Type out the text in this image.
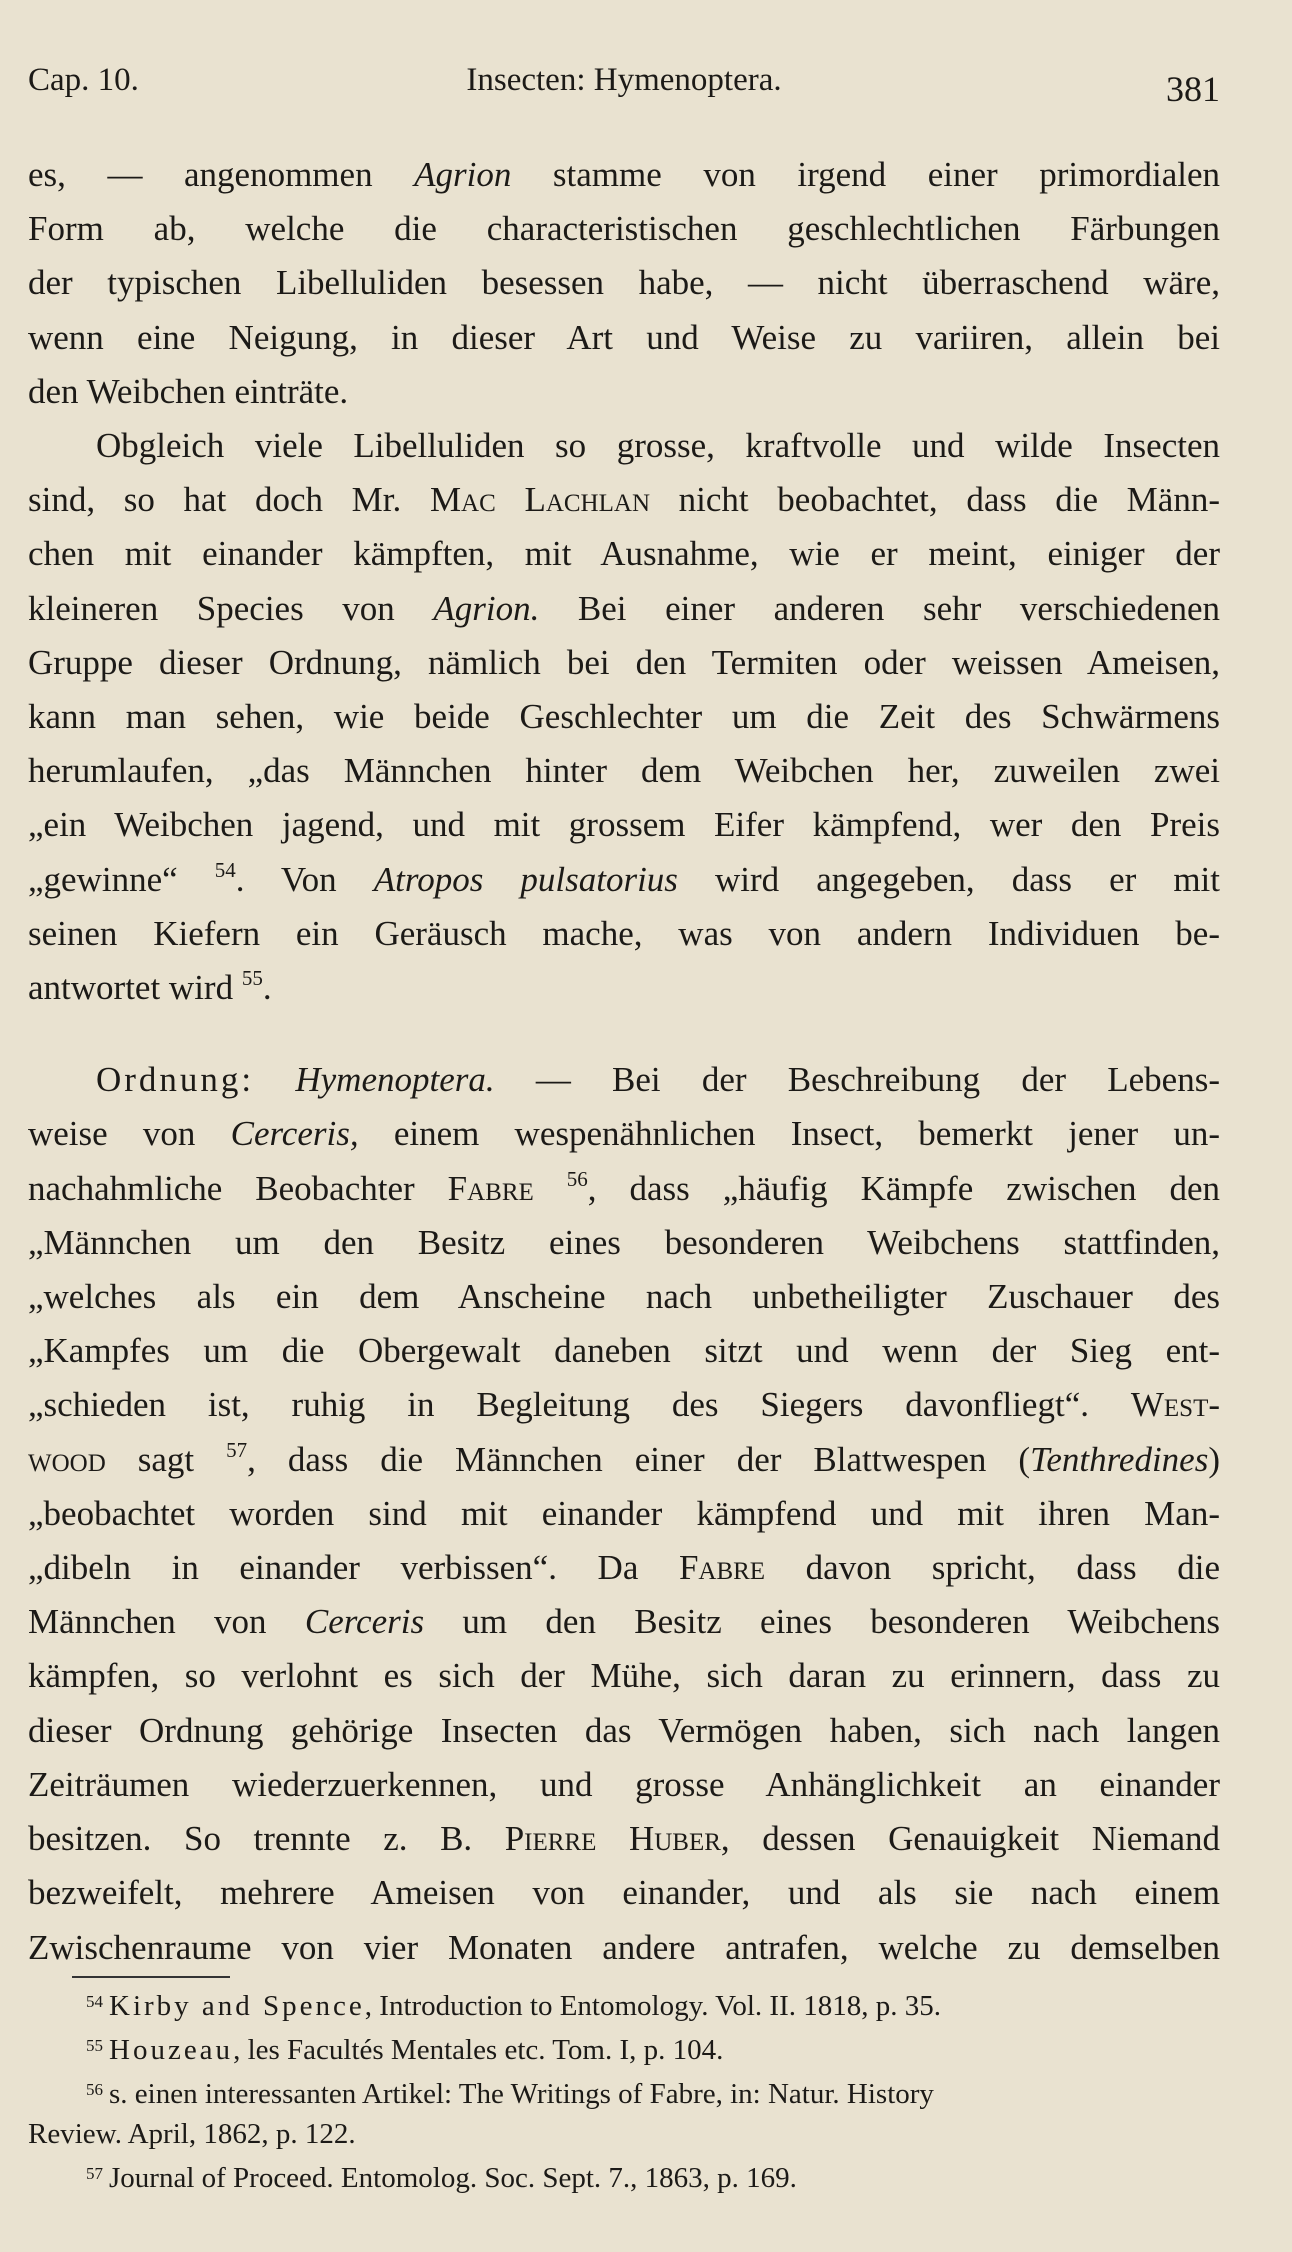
Cap. 10.	Insecten: Hymenoptera.	381
es, — angenommen Agrion stamme von irgend einer primordialen
Form ab, welche die characteristischen geschlechtlichen Färbungen
der typischen Libelluliden besessen habe, — nicht überraschend wäre,
wenn eine Neigung, in dieser Art und Weise zu variiren, allein bei
den Weibchen einträte.
Obgleich viele Libelluliden so grosse, kraftvolle und wilde Insecten
sind, so hat doch Mr. Mac Lachlan nicht beobachtet, dass die Männ-
chen mit einander kämpften, mit Ausnahme, wie er meint, einiger der
kleineren Species von Agrion. Bei einer anderen sehr verschiedenen
Gruppe dieser Ordnung, nämlich bei den Termiten oder weissen Ameisen,
kann man sehen, wie beide Geschlechter um die Zeit des Schwärmens
herumlaufen, „das Männchen hinter dem Weibchen her, zuweilen zwei
„ein Weibchen jagend, und mit grossem Eifer kämpfend, wer den Preis
„gewinne“ $^{54}$. Von Atropos pulsatorius wird angegeben, dass er mit
seinen Kiefern ein Geräusch mache, was von andern Individuen be-
antwortet wird $^{55}$.
Ordnung: Hymenoptera. — Bei der Beschreibung der Lebens-
weise von Cerceris, einem wespenähnlichen Insect, bemerkt jener un-
nachahmliche Beobachter Fabre $^{56}$, dass „häufig Kämpfe zwischen den
„Männchen um den Besitz eines besonderen Weibchens stattfinden,
„welches als ein dem Anscheine nach unbetheiligter Zuschauer des
„Kampfes um die Obergewalt daneben sitzt und wenn der Sieg ent-
„schieden ist, ruhig in Begleitung des Siegers davonfliegt“. West-
wood sagt $^{57}$, dass die Männchen einer der Blattwespen (Tenthredines)
„beobachtet worden sind mit einander kämpfend und mit ihren Man-
„dibeln in einander verbissen“. Da Fabre davon spricht, dass die
Männchen von Cerceris um den Besitz eines besonderen Weibchens
kämpfen, so verlohnt es sich der Mühe, sich daran zu erinnern, dass zu
dieser Ordnung gehörige Insecten das Vermögen haben, sich nach langen
Zeiträumen wiederzuerkennen, und grosse Anhänglichkeit an einander
besitzen. So trennte z. B. Pierre Huber, dessen Genauigkeit Niemand
bezweifelt, mehrere Ameisen von einander, und als sie nach einem
Zwischenraume von vier Monaten andere antrafen, welche zu demselben
$^{54}$ Kirby and Spence, Introduction to Entomology. Vol. II. 1818, p. 35.
$^{55}$ Houzeau, les Facultés Mentales etc. Tom. I, p. 104.
$^{56}$ s. einen interessanten Artikel: The Writings of Fabre, in: Natur. History
Review. April, 1862, p. 122.
$^{57}$ Journal of Proceed. Entomolog. Soc. Sept. 7., 1863, p. 169.
